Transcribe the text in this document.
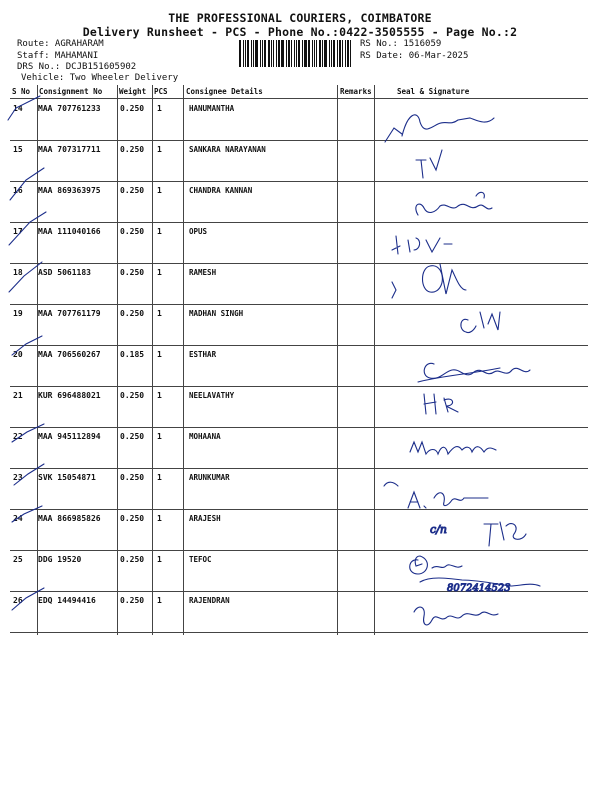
THE PROFESSIONAL COURIERS, COIMBATORE
Delivery Runsheet - PCS - Phone No.:0422-3505555 - Page No.:2
Route: AGRAHARAM
Staff: MAHAMANI
DRS No.: DCJB151605902
Vehicle: Two Wheeler Delivery
RS No.: 1516059
RS Date: 06-Mar-2025
S No Consignment No Weight PCS Consignee Details	Remarks	Seal & Signature
14 MAA 707761233 0.250 1	HANUMANTHA
15 MAA 707317711 0.250 1	SANKARA NARAYANAN
16 MAA 869363975 0.250 1	CHANDRA KANNAN
17 MAA 111040166 0.250 1	OPUS
18 ASD 5061183	0.250 1	RAMESH
19 MAA 707761179 0.250 1	MADHAN SINGH
20 MAA 706560267 0.185 1	ESTHAR
21 KUR 696488021 0.250 1	NEELAVATHY
22 MAA 945112894 0.250 1	MOHAANA
23 SVK 15054871	0.250 1	ARUNKUMAR
24 MAA 866985826 0.250 1	ARAJESH
25 DDG 19520	0.250 1	TEFOC
26 EDQ 14494416	0.250 1	RAJENDRAN
c/n
8072414523
